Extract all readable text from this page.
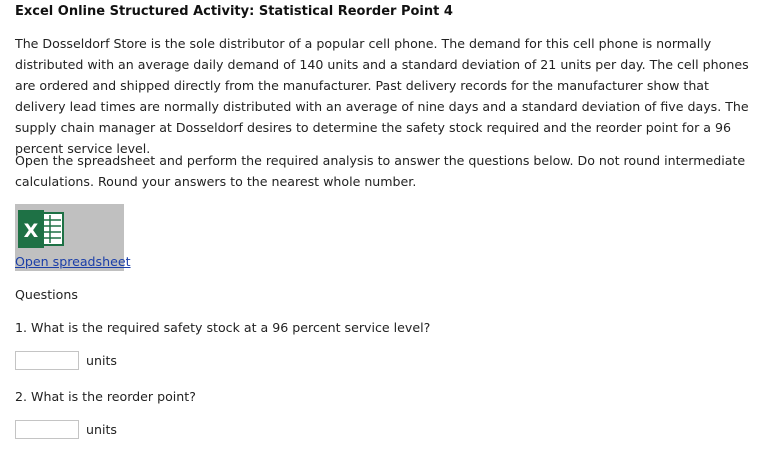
Excel Online Structured Activity: Statistical Reorder Point 4

The Dosseldorf Store is the sole distributor of a popular cell phone. The demand for this cell phone is normally distributed with an average daily demand of 140 units and a standard deviation of 21 units per day. The cell phones are ordered and shipped directly from the manufacturer. Past delivery records for the manufacturer show that delivery lead times are normally distributed with an average of nine days and a standard deviation of five days. The supply chain manager at Dosseldorf desires to determine the safety stock required and the reorder point for a 96 percent service level.

Open the spreadsheet and perform the required analysis to answer the questions below. Do not round intermediate calculations. Round your answers to the nearest whole number.

X
Open spreadsheet
Questions
1. What is the required safety stock at a 96 percent service level?
units
2. What is the reorder point?
units
